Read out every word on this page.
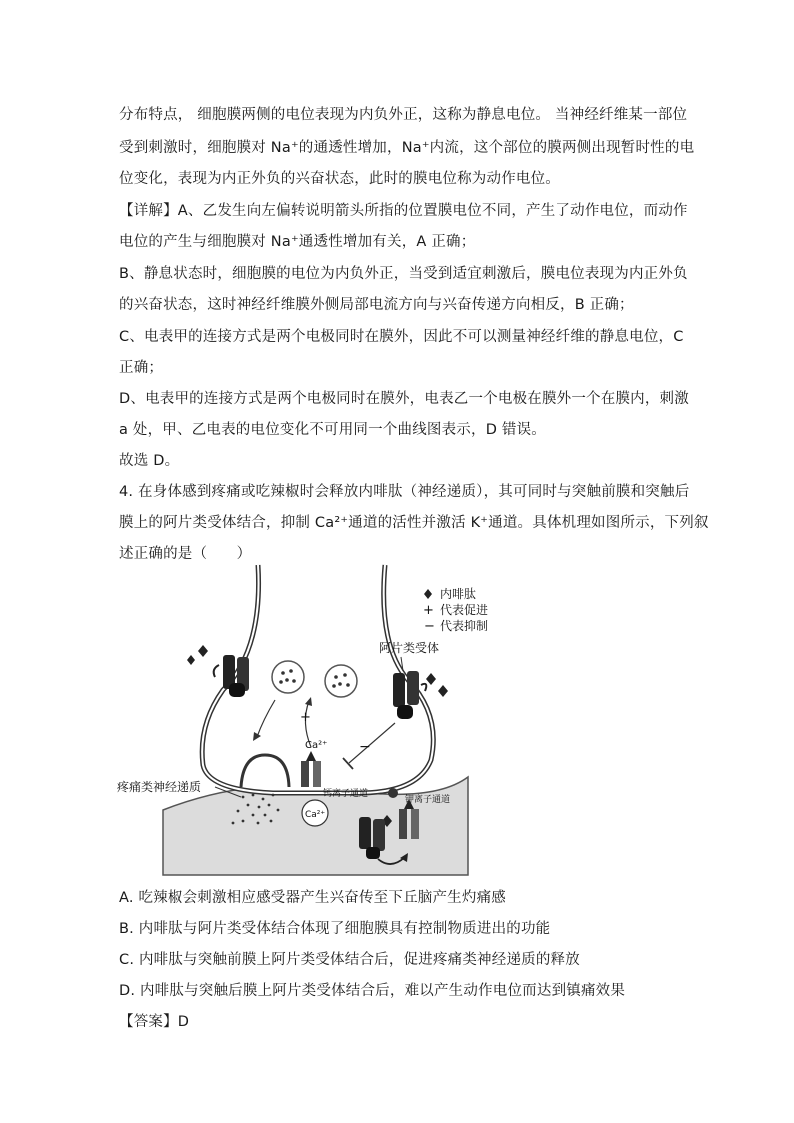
分布特点， 细胞膜两侧的电位表现为内负外正，这称为静息电位。 当神经纤维某一部位
受到刺激时，细胞膜对 Na⁺的通透性增加，Na⁺内流，这个部位的膜两侧出现暂时性的电
位变化，表现为内正外负的兴奋状态，此时的膜电位称为动作电位。
【详解】A、乙发生向左偏转说明箭头所指的位置膜电位不同，产生了动作电位，而动作
电位的产生与细胞膜对 Na⁺通透性增加有关，A 正确；
B、静息状态时，细胞膜的电位为内负外正，当受到适宜刺激后，膜电位表现为内正外负
的兴奋状态，这时神经纤维膜外侧局部电流方向与兴奋传递方向相反，B 正确；
C、电表甲的连接方式是两个电极同时在膜外，因此不可以测量神经纤维的静息电位，C
正确；
D、电表甲的连接方式是两个电极同时在膜外，电表乙一个电极在膜外一个在膜内，刺激
a 处，甲、乙电表的电位变化不可用同一个曲线图表示，D 错误。
故选 D。
4. 在身体感到疼痛或吃辣椒时会释放内啡肽（神经递质），其可同时与突触前膜和突触后
膜上的阿片类受体结合，抑制 Ca²⁺通道的活性并激活 K⁺通道。具体机理如图所示，下列叙
述正确的是（　　）
+
−
Ca²⁺
Ca²⁺
内啡肽
+ 代表促进
− 代表抑制
阿片类受体
疼痛类神经递质	钙离子通道
钾离子通道
A. 吃辣椒会刺激相应感受器产生兴奋传至下丘脑产生灼痛感
B. 内啡肽与阿片类受体结合体现了细胞膜具有控制物质进出的功能
C. 内啡肽与突触前膜上阿片类受体结合后，促进疼痛类神经递质的释放
D. 内啡肽与突触后膜上阿片类受体结合后，难以产生动作电位而达到镇痛效果
【答案】D
